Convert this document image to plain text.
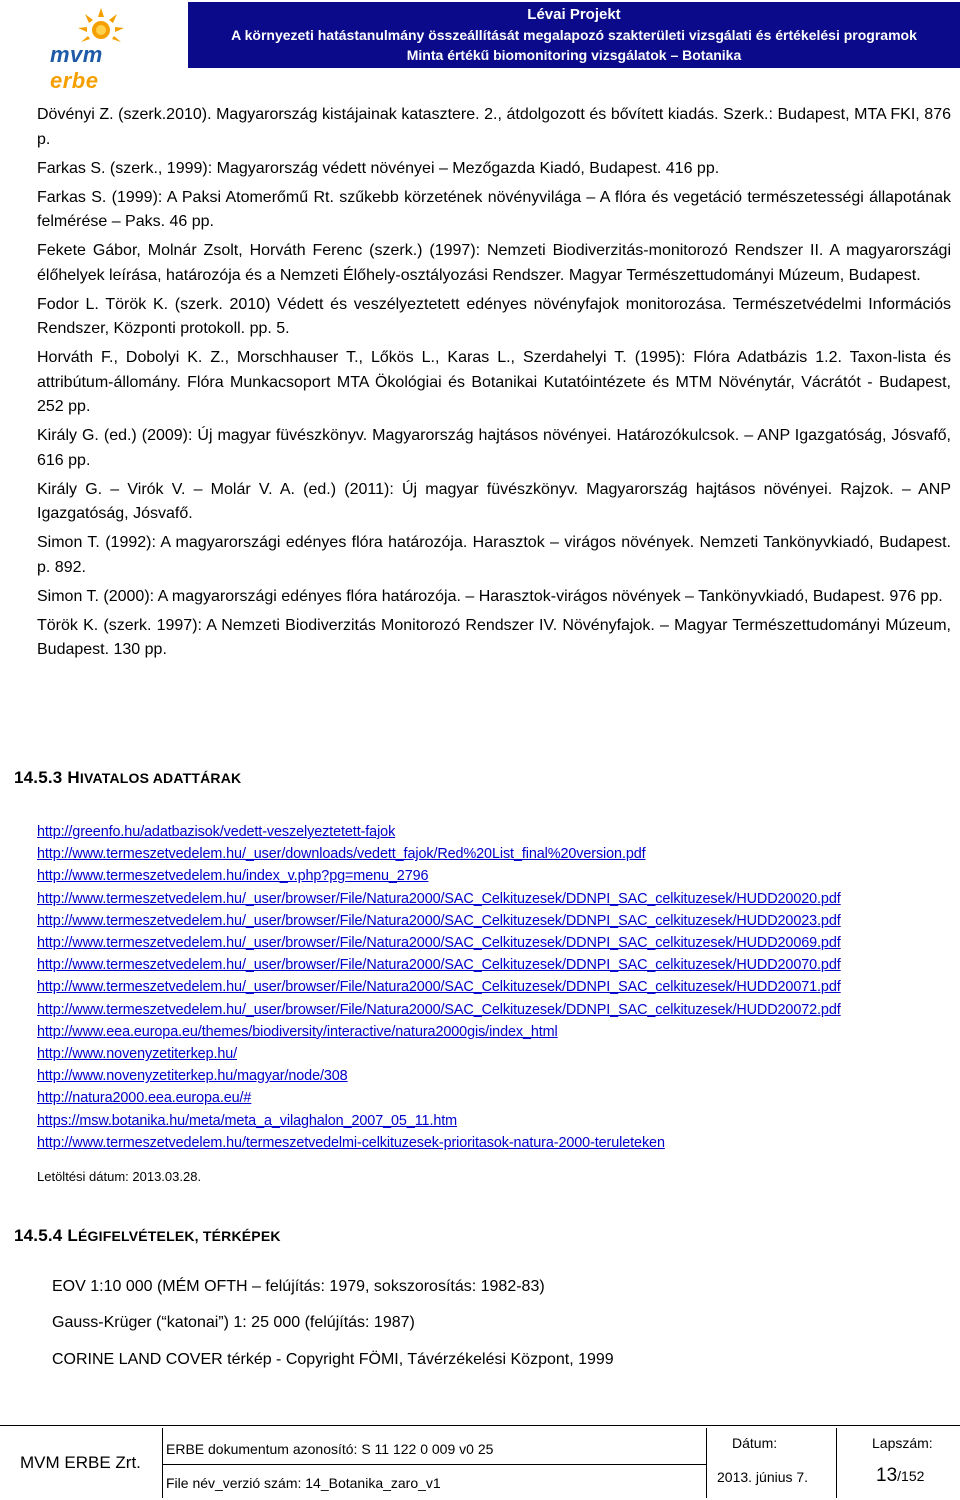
mvm erbe
Lévai Projekt
A környezeti hatástanulmány összeállítását megalapozó szakterületi vizsgálati és értékelési programok
Minta értékű biomonitoring vizsgálatok – Botanika
Dövényi Z. (szerk.2010). Magyarország kistájainak katasztere. 2., átdolgozott és bővített kiadás. Szerk.: Budapest, MTA FKI, 876 p.
Farkas S. (szerk., 1999): Magyarország védett növényei – Mezőgazda Kiadó, Budapest. 416 pp.
Farkas S. (1999): A Paksi Atomerőmű Rt. szűkebb körzetének növényvilága – A flóra és vegetáció természetességi állapotának felmérése – Paks. 46 pp.
Fekete Gábor, Molnár Zsolt, Horváth Ferenc (szerk.) (1997): Nemzeti Biodiverzitás-monitorozó Rendszer II. A magyarországi élőhelyek leírása, határozója és a Nemzeti Élőhely-osztályozási Rendszer. Magyar Természettudományi Múzeum, Budapest.
Fodor L. Török K. (szerk. 2010) Védett és veszélyeztetett edényes növényfajok monitorozása. Természetvédelmi Információs Rendszer, Központi protokoll. pp. 5.
Horváth F., Dobolyi K. Z., Morschhauser T., Lőkös L., Karas L., Szerdahelyi T. (1995): Flóra Adatbázis 1.2. Taxon-lista és attribútum-állomány. Flóra Munkacsoport MTA Ökológiai és Botanikai Kutatóintézete és MTM Növénytár, Vácrátót - Budapest, 252 pp.
Király G. (ed.) (2009): Új magyar füvészkönyv. Magyarország hajtásos növényei. Határozókulcsok. – ANP Igazgatóság, Jósvafő, 616 pp.
Király G. – Virók V. – Molár V. A. (ed.) (2011): Új magyar füvészkönyv. Magyarország hajtásos növényei. Rajzok. – ANP Igazgatóság, Jósvafő.
Simon T. (1992): A magyarországi edényes flóra határozója. Harasztok – virágos növények. Nemzeti Tankönyvkiadó, Budapest. p. 892.
Simon T. (2000): A magyarországi edényes flóra határozója. – Harasztok-virágos növények – Tankönyvkiadó, Budapest. 976 pp.
Török K. (szerk. 1997): A Nemzeti Biodiverzitás Monitorozó Rendszer IV. Növényfajok. – Magyar Természettudományi Múzeum, Budapest. 130 pp.
14.5.3 HIVATALOS ADATTÁRAK
http://greenfo.hu/adatbazisok/vedett-veszelyeztetett-fajok
http://www.termeszetvedelem.hu/_user/downloads/vedett_fajok/Red%20List_final%20version.pdf
http://www.termeszetvedelem.hu/index_v.php?pg=menu_2796
http://www.termeszetvedelem.hu/_user/browser/File/Natura2000/SAC_Celkituzesek/DDNPI_SAC_celkituzesek/HUDD20020.pdf
http://www.termeszetvedelem.hu/_user/browser/File/Natura2000/SAC_Celkituzesek/DDNPI_SAC_celkituzesek/HUDD20023.pdf
http://www.termeszetvedelem.hu/_user/browser/File/Natura2000/SAC_Celkituzesek/DDNPI_SAC_celkituzesek/HUDD20069.pdf
http://www.termeszetvedelem.hu/_user/browser/File/Natura2000/SAC_Celkituzesek/DDNPI_SAC_celkituzesek/HUDD20070.pdf
http://www.termeszetvedelem.hu/_user/browser/File/Natura2000/SAC_Celkituzesek/DDNPI_SAC_celkituzesek/HUDD20071.pdf
http://www.termeszetvedelem.hu/_user/browser/File/Natura2000/SAC_Celkituzesek/DDNPI_SAC_celkituzesek/HUDD20072.pdf
http://www.eea.europa.eu/themes/biodiversity/interactive/natura2000gis/index_html
http://www.novenyzetiterkep.hu/
http://www.novenyzetiterkep.hu/magyar/node/308
http://natura2000.eea.europa.eu/#
https://msw.botanika.hu/meta/meta_a_vilaghalon_2007_05_11.htm
http://www.termeszetvedelem.hu/termeszetvedelmi-celkituzesek-prioritasok-natura-2000-teruleteken
Letöltési dátum: 2013.03.28.
14.5.4 LÉGIFELVÉTELEK, TÉRKÉPEK
EOV 1:10 000 (MÉM OFTH – felújítás: 1979, sokszorosítás: 1982-83)
Gauss-Krüger (“katonai”) 1: 25 000 (felújítás: 1987)
CORINE LAND COVER térkép - Copyright FÖMI, Távérzékelési Központ, 1999
MVM ERBE Zrt.
ERBE dokumentum azonosító: S 11 122 0 009 v0 25
File név_verzió szám: 14_Botanika_zaro_v1
Dátum:
2013. június 7.
Lapszám:
13/152
